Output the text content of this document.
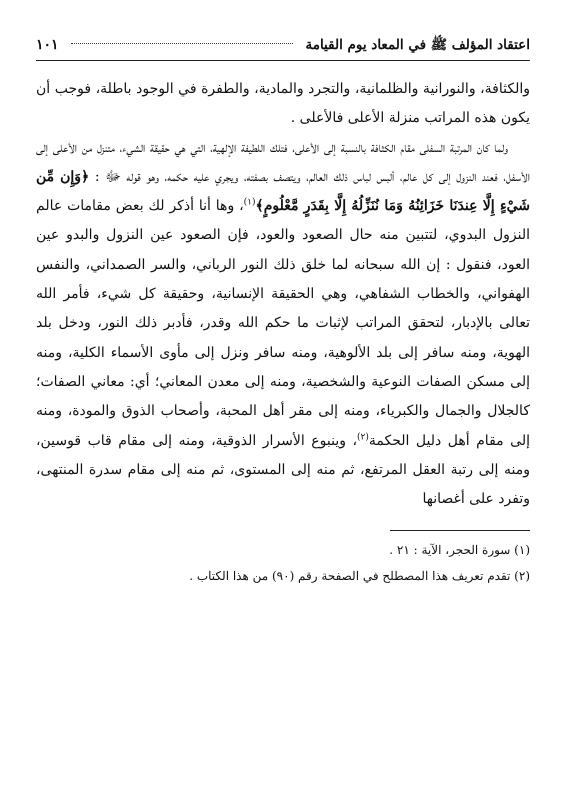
اعتقاد المؤلف ﷺ في المعاد يوم القيامة
١٠١

والكثافة، والنورانية والظلمانية، والتجرد والمادية، والطفرة في الوجود باطلة، فوجب أن يكون هذه المراتب منزلة الأعلى فالأعلى .

ولما كان المرتبة السفلى مقام الكثافة بالنسبة إلى الأعلى، فتلك اللطيفة الإلهية، التي هي حقيقة الشيء، متنزل من الأعلى إلى الأسفل، فعند النزول إلى كل عالم، ألبس لباس ذلك العالم، ويتصف بصفته، ويجري عليه حكمه، وهو قوله ﷻ : ﴿وَإِن مِّن شَيْءٍ إِلَّا عِندَنَا خَزَائِنُهُ وَمَا نُنَزِّلُهُ إِلَّا بِقَدَرٍ مَّعْلُومٍ﴾$^{(١)}$، وها أنا أذكر لك بعض مقامات عالم النزول البدوي، لتتبين منه حال الصعود والعود، فإن الصعود عين النزول والبدو عين العود، فنقول : إن الله سبحانه لما خلق ذلك النور الرباني، والسر الصمداني، والنفس الهفواني، والخطاب الشفاهي، وهي الحقيقة الإنسانية، وحقيقة كل شيء، فأمر الله تعالى بالإدبار، لتحقق المراتب لإثبات ما حكم الله وقدر، فأدبر ذلك النور، ودخل بلد الهوية، ومنه سافر إلى بلد الألوهية، ومنه سافر ونزل إلى مأوى الأسماء الكلية، ومنه إلى مسكن الصفات النوعية والشخصية، ومنه إلى معدن المعاني؛ أي: معاني الصفات؛ كالجلال والجمال والكبرياء، ومنه إلى مقر أهل المحبة، وأصحاب الذوق والمودة، ومنه إلى مقام أهل دليل الحكمة$^{(٢)}$، وينبوع الأسرار الذوقية، ومنه إلى مقام قاب قوسين، ومنه إلى رتبة العقل المرتفع، ثم منه إلى المستوى، ثم منه إلى مقام سدرة المنتهى، وتفرد على أغصانها

(١) سورة الحجر، الآية : ٢١ .

(٢) تقدم تعريف هذا المصطلح في الصفحة رقم (٩٠) من هذا الكتاب .
